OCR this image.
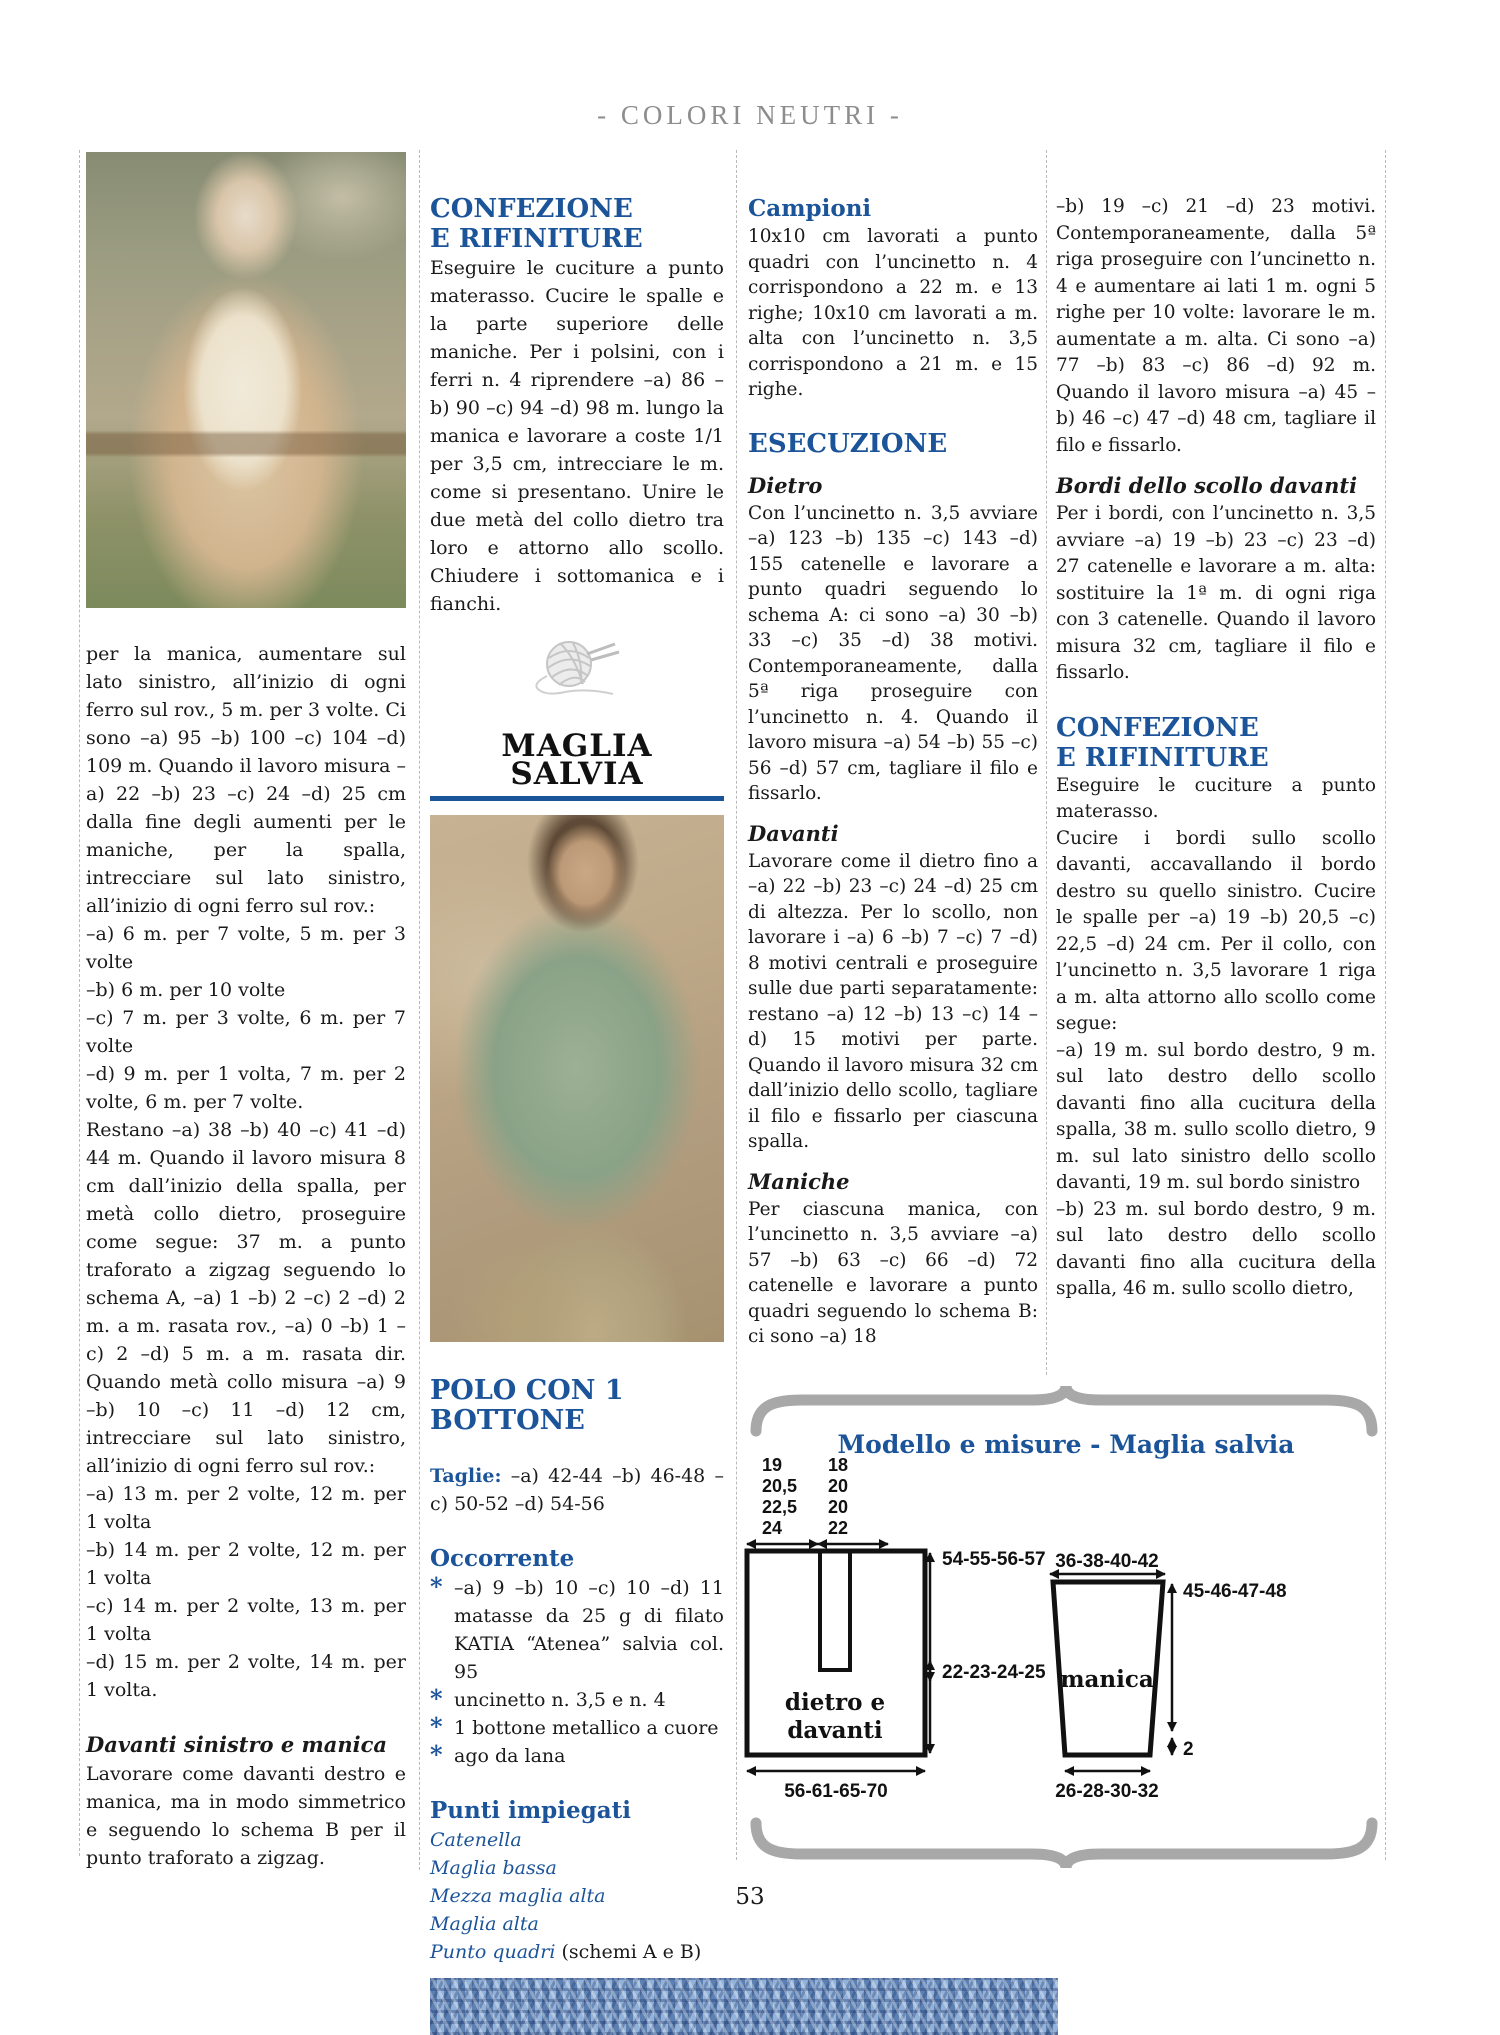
- COLORI NEUTRI -

per la manica, aumentare sul lato sinistro, all’inizio di ogni ferro sul rov., 5 m. per 3 volte. Ci sono –a) 95 –b) 100 –c) 104 –d) 109 m. Quando il lavoro misura –a) 22 –b) 23 –c) 24 –d) 25 cm dalla fine degli aumenti per le maniche, per la spalla, intrecciare sul lato sinistro, all’inizio di ogni ferro sul rov.:

–a) 6 m. per 7 volte, 5 m. per 3 volte
–b) 6 m. per 10 volte
–c) 7 m. per 3 volte, 6 m. per 7 volte
–d) 9 m. per 1 volta, 7 m. per 2 volte, 6 m. per 7 volte.

Restano –a) 38 –b) 40 –c) 41 –d) 44 m. Quando il lavoro misura 8 cm dall’inizio della spalla, per metà collo dietro, proseguire come segue: 37 m. a punto traforato a zigzag seguendo lo schema A, –a) 1 –b) 2 –c) 2 –d) 2 m. a m. rasata rov., –a) 0 –b) 1 –c) 2 –d) 5 m. a m. rasata dir. Quando metà collo misura –a) 9 –b) 10 –c) 11 –d) 12 cm, intrecciare sul lato sinistro, all’inizio di ogni ferro sul rov.:

–a) 13 m. per 2 volte, 12 m. per 1 volta
–b) 14 m. per 2 volte, 12 m. per 1 volta
–c) 14 m. per 2 volte, 13 m. per 1 volta
–d) 15 m. per 2 volte, 14 m. per 1 volta.
Davanti sinistro e manica

Lavorare come davanti destro e manica, ma in modo simmetrico e seguendo lo schema B per il punto traforato a zigzag.

CONFEZIONE
E RIFINITURE

Eseguire le cuciture a punto materasso. Cucire le spalle e la parte superiore delle maniche. Per i polsini, con i ferri n. 4 riprendere –a) 86 –b) 90 –c) 94 –d) 98 m. lungo la manica e lavorare a coste 1/1 per 3,5 cm, intrecciare le m. come si presentano. Unire le due metà del collo dietro tra loro e attorno allo scollo. Chiudere i sottomanica e i fianchi.

MAGLIA SALVIA
POLO CON 1 BOTTONE

Taglie: –a) 42-44 –b) 46-48 –c) 50-52 –d) 54-56

Occorrente
* –a) 9 –b) 10 –c) 10 –d) 11 matasse da 25 g di filato KATIA “Atenea” salvia col. 95
* uncinetto n. 3,5 e n. 4
* 1 bottone metallico a cuore
* ago da lana
Punti impiegati
Catenella
Maglia bassa
Mezza maglia alta
Maglia alta
Punto quadri (schemi A e B)
Campioni

10x10 cm lavorati a punto quadri con l’uncinetto n. 4 corrispondono a 22 m. e 13 righe; 10x10 cm lavorati a m. alta con l’uncinetto n. 3,5 corrispondono a 21 m. e 15 righe.

ESECUZIONE
Dietro

Con l’uncinetto n. 3,5 avviare –a) 123 –b) 135 –c) 143 –d) 155 catenelle e lavorare a punto quadri seguendo lo schema A: ci sono –a) 30 –b) 33 –c) 35 –d) 38 motivi. Contemporaneamente, dalla 5ª riga proseguire con l’uncinetto n. 4. Quando il lavoro misura –a) 54 –b) 55 –c) 56 –d) 57 cm, tagliare il filo e fissarlo.

Davanti

Lavorare come il dietro fino a –a) 22 –b) 23 –c) 24 –d) 25 cm di altezza. Per lo scollo, non lavorare i –a) 6 –b) 7 –c) 7 –d) 8 motivi centrali e proseguire sulle due parti separatamente: restano –a) 12 –b) 13 –c) 14 –d) 15 motivi per parte. Quando il lavoro misura 32 cm dall’inizio dello scollo, tagliare il filo e fissarlo per ciascuna spalla.

Maniche

Per ciascuna manica, con l’uncinetto n. 3,5 avviare –a) 57 –b) 63 –c) 66 –d) 72 catenelle e lavorare a punto quadri seguendo lo schema B: ci sono –a) 18

–b) 19 –c) 21 –d) 23 motivi. Contemporaneamente, dalla 5ª riga proseguire con l’uncinetto n. 4 e aumentare ai lati 1 m. ogni 5 righe per 10 volte: lavorare le m. aumentate a m. alta. Ci sono –a) 77 –b) 83 –c) 86 –d) 92 m. Quando il lavoro misura –a) 45 –b) 46 –c) 47 –d) 48 cm, tagliare il filo e fissarlo.

Bordi dello scollo davanti

Per i bordi, con l’uncinetto n. 3,5 avviare –a) 19 –b) 23 –c) 23 –d) 27 catenelle e lavorare a m. alta: sostituire la 1ª m. di ogni riga con 3 catenelle. Quando il lavoro misura 32 cm, tagliare il filo e fissarlo.

CONFEZIONE
E RIFINITURE

Eseguire le cuciture a punto materasso.

Cucire i bordi sullo scollo davanti, accavallando il bordo destro su quello sinistro. Cucire le spalle per –a) 19 –b) 20,5 –c) 22,5 –d) 24 cm. Per il collo, con l’uncinetto n. 3,5 lavorare 1 riga a m. alta attorno allo scollo come segue:

–a) 19 m. sul bordo destro, 9 m. sul lato destro dello scollo davanti fino alla cucitura della spalla, 38 m. sullo scollo dietro, 9 m. sul lato sinistro dello scollo davanti, 19 m. sul bordo sinistro

–b) 23 m. sul bordo destro, 9 m. sul lato destro dello scollo davanti fino alla cucitura della spalla, 46 m. sullo scollo dietro,

Modello e misure - Maglia salvia
19
20,5
22,5
24
18
20
20
22
54-55-56-57
22-23-24-25
dietro e
davanti
56-61-65-70
36-38-40-42
45-46-47-48
2
manica
26-28-30-32
53
